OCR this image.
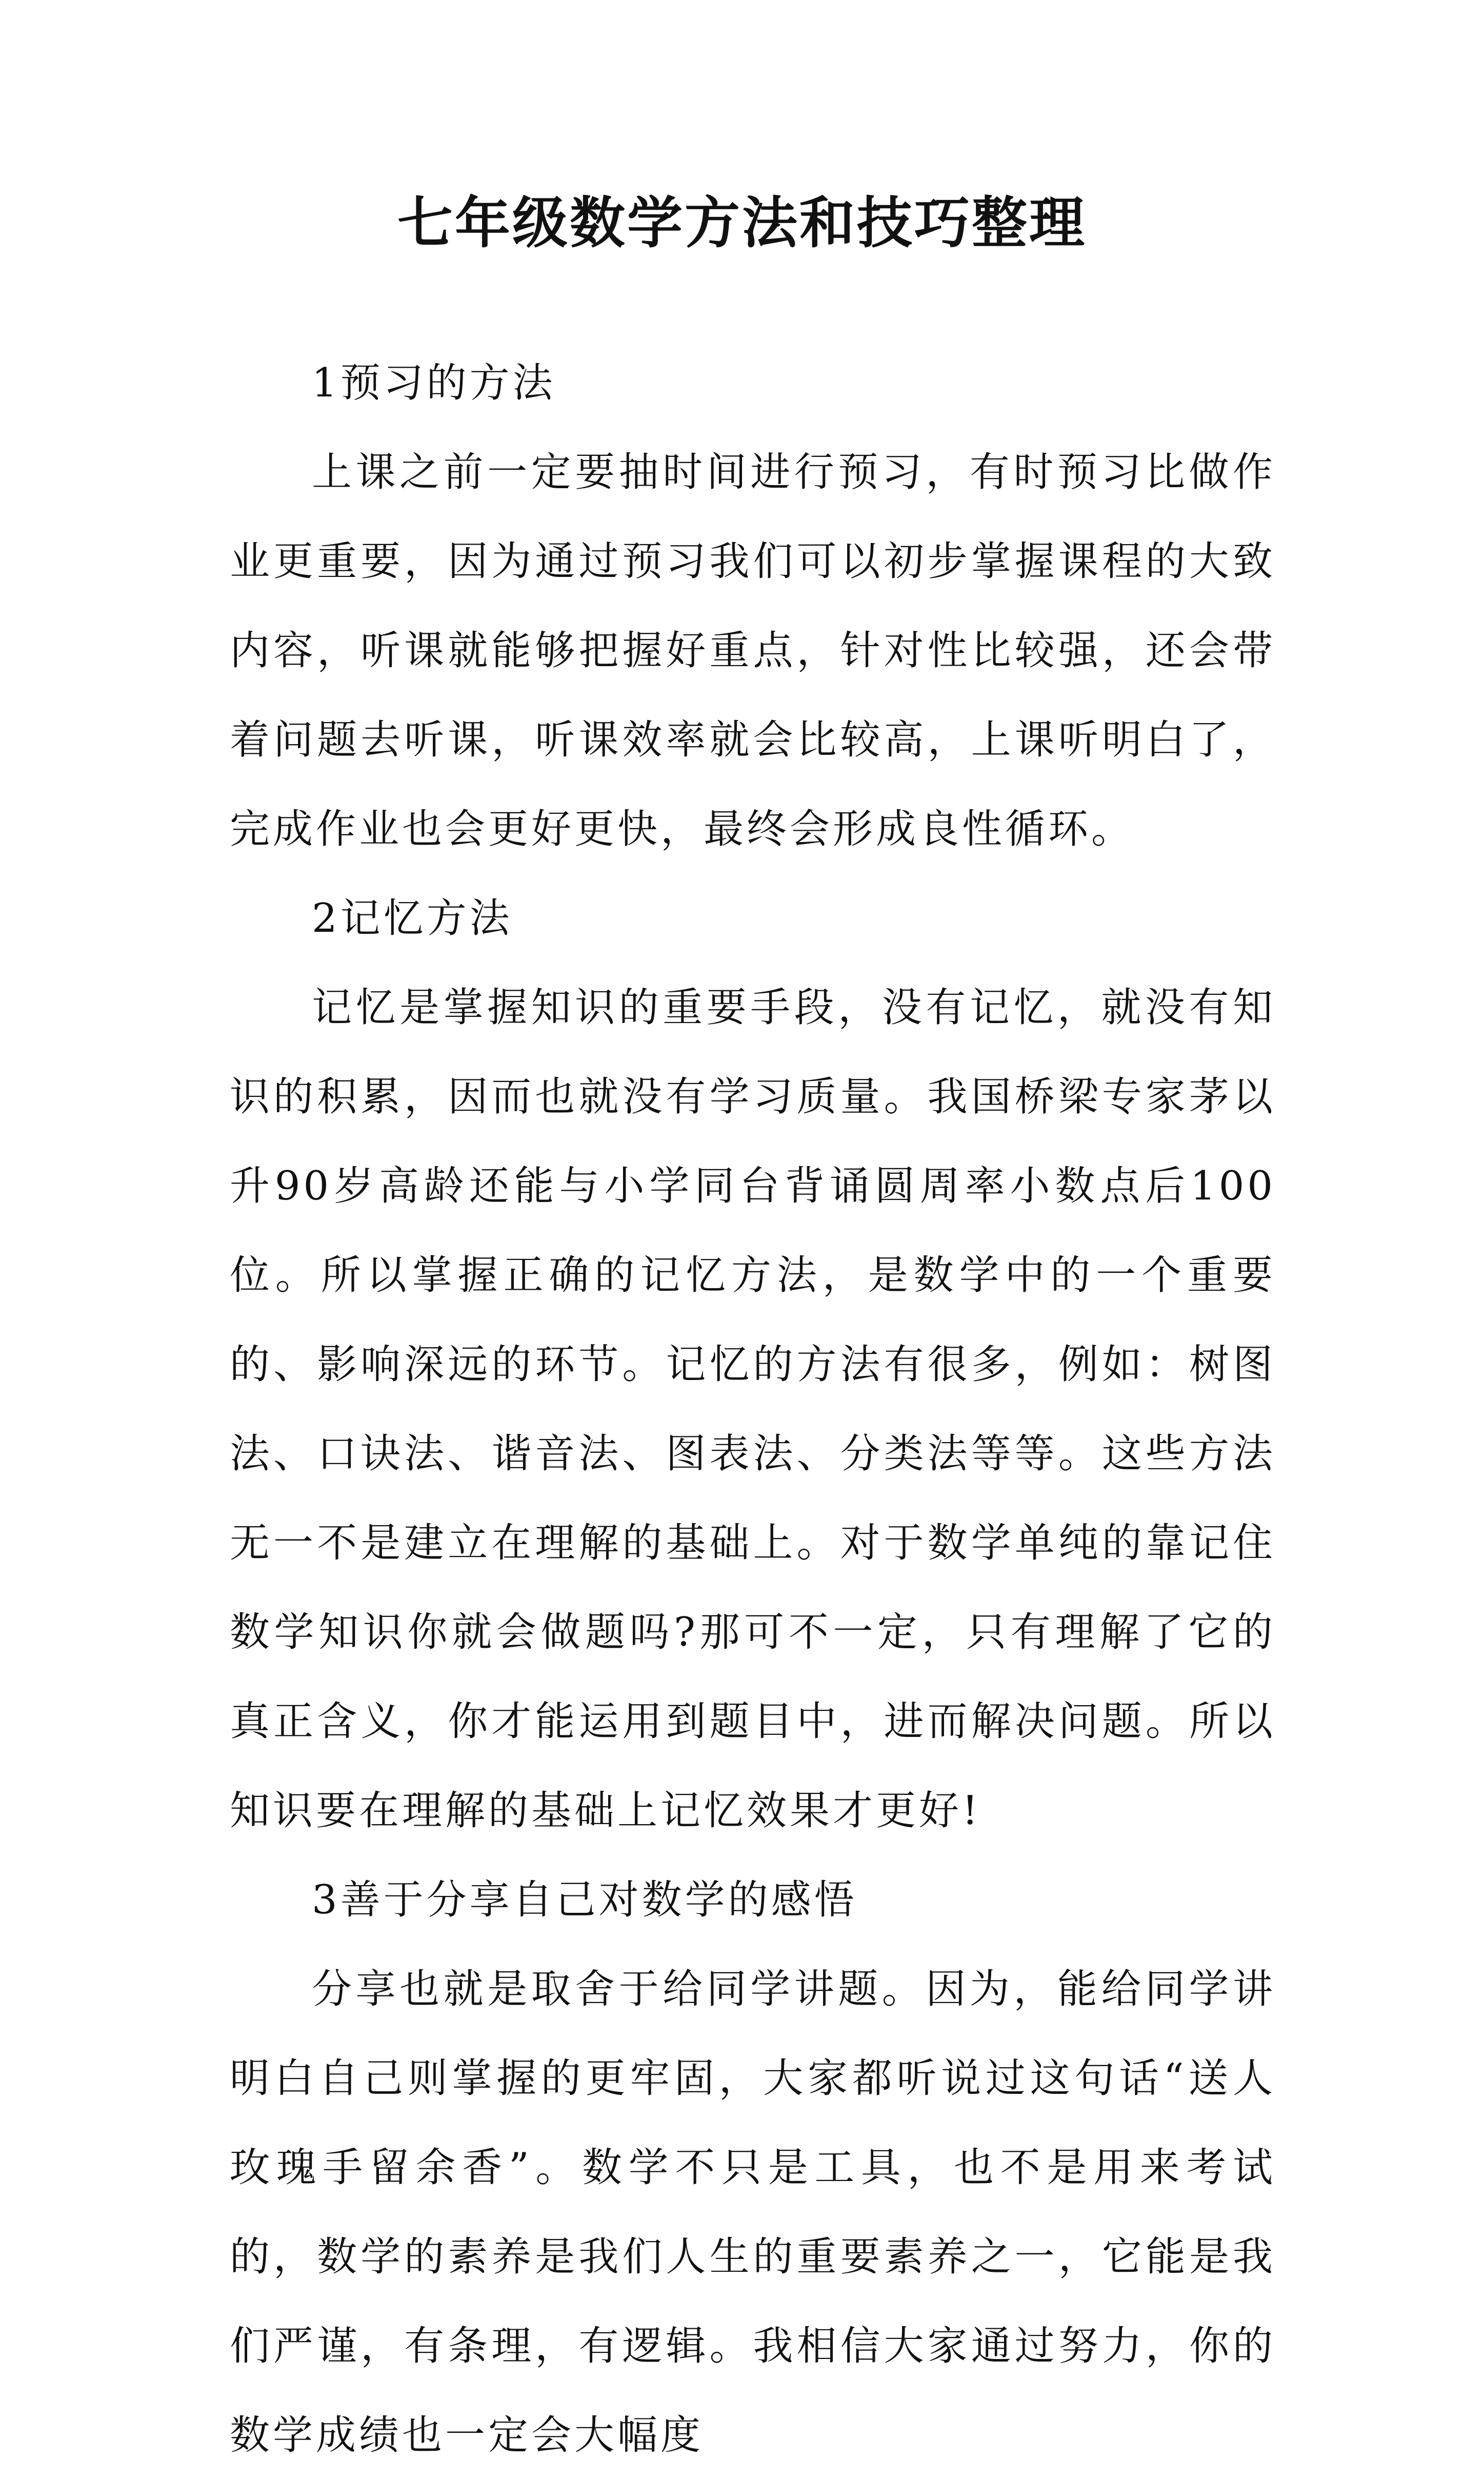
七年级数学方法和技巧整理

1预习的方法

上课之前一定要抽时间进行预习，有时预习比做作业更重要，因为通过预习我们可以初步掌握课程的大致内容，听课就能够把握好重点，针对性比较强，还会带着问题去听课，听课效率就会比较高，上课听明白了，完成作业也会更好更快，最终会形成良性循环。

2记忆方法

记忆是掌握知识的重要手段，没有记忆，就没有知识的积累，因而也就没有学习质量。我国桥梁专家茅以升90岁高龄还能与小学同台背诵圆周率小数点后100位。所以掌握正确的记忆方法，是数学中的一个重要的、影响深远的环节。记忆的方法有很多，例如：树图法、口诀法、谐音法、图表法、分类法等等。这些方法无一不是建立在理解的基础上。对于数学单纯的靠记住数学知识你就会做题吗?那可不一定，只有理解了它的真正含义，你才能运用到题目中，进而解决问题。所以知识要在理解的基础上记忆效果才更好!

3善于分享自己对数学的感悟

分享也就是取舍于给同学讲题。因为，能给同学讲明白自己则掌握的更牢固，大家都听说过这句话“送人玫瑰手留余香”。数学不只是工具，也不是用来考试的，数学的素养是我们人生的重要素养之一，它能是我们严谨，有条理，有逻辑。我相信大家通过努力，你的数学成绩也一定会大幅度
